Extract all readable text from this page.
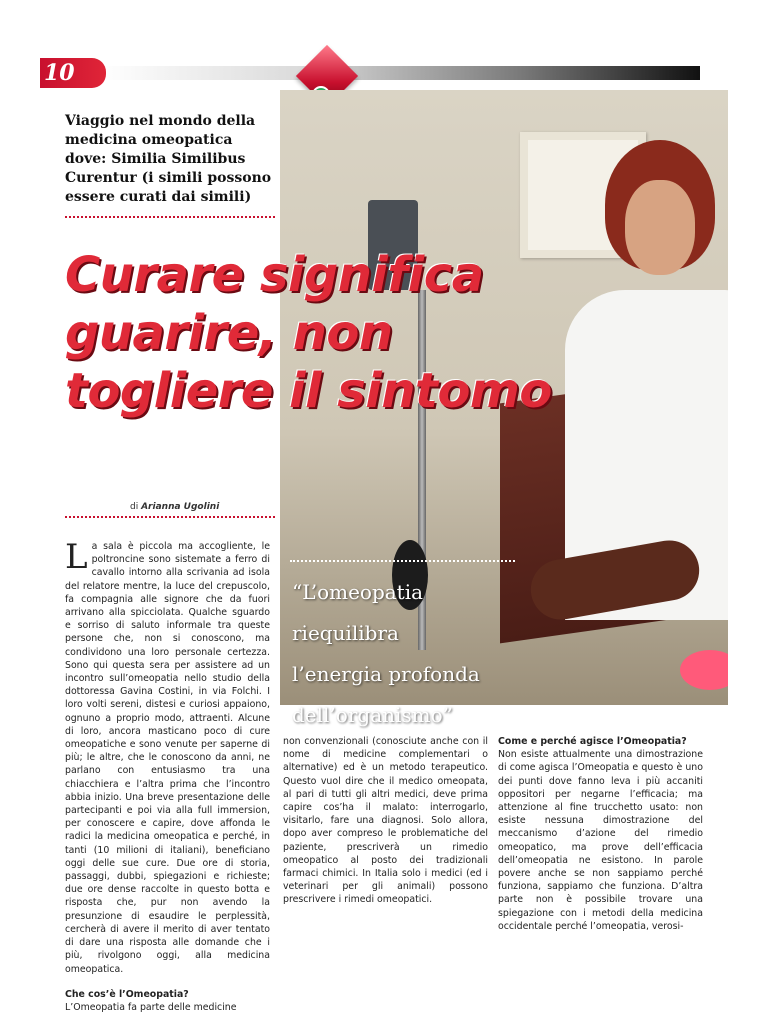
10
Viaggio nel mondo della medicina omeopatica dove: Similia Similibus Curentur (i simili possono essere curati dai simili)
Curare significa
guarire, non
togliere il sintomo
di Arianna Ugolini
“L’omeopatia
riequilibra
l’energia profonda
dell’organismo”

La sala è piccola ma accogliente, le poltroncine sono sistemate a ferro di cavallo intorno alla scrivania ad isola del relatore mentre, la luce del crepuscolo, fa compagnia alle signore che da fuori arrivano alla spicciolata. Qualche sguardo e sorriso di saluto informale tra queste persone che, non si conoscono, ma condividono una loro personale certezza. Sono qui questa sera per assistere ad un incontro sull’omeopatia nello studio della dottoressa Gavina Costini, in via Folchi. I loro volti sereni, distesi e curiosi appaiono, ognuno a proprio modo, attraenti. Alcune di loro, ancora masticano poco di cure omeopatiche e sono venute per saperne di più; le altre, che le conoscono da anni, ne parlano con entusiasmo tra una chiacchiera e l’altra prima che l’incontro abbia inizio. Una breve presentazione delle partecipanti e poi via alla full immersion, per conoscere e capire, dove affonda le radici la medicina omeopatica e perché, in tanti (10 milioni di italiani), beneficiano oggi delle sue cure. Due ore di storia, passaggi, dubbi, spiegazioni e richieste; due ore dense raccolte in questo botta e risposta che, pur non avendo la presunzione di esaudire le perplessità, cercherà di avere il merito di aver tentato di dare una risposta alle domande che i più, rivolgono oggi, alla medicina omeopatica.

Che cos’è l’Omeopatia?

L’Omeopatia fa parte delle medicine

non convenzionali (conosciute anche con il nome di medicine complementari o alternative) ed è un metodo terapeutico. Questo vuol dire che il medico omeopata, al pari di tutti gli altri medici, deve prima capire cos’ha il malato: interrogarlo, visitarlo, fare una diagnosi. Solo allora, dopo aver compreso le problematiche del paziente, prescriverà un rimedio omeopatico al posto dei tradizionali farmaci chimici. In Italia solo i medici (ed i veterinari per gli animali) possono prescrivere i rimedi omeopatici.

Come e perché agisce l’Omeopatia?

Non esiste attualmente una dimostrazione di come agisca l’Omeopatia e questo è uno dei punti dove fanno leva i più accaniti oppositori per negarne l’efficacia; ma attenzione al fine trucchetto usato: non esiste nessuna dimostrazione del meccanismo d’azione del rimedio omeopatico, ma prove dell’efficacia dell’omeopatia ne esistono. In parole povere anche se non sappiamo perché funziona, sappiamo che funziona. D’altra parte non è possibile trovare una spiegazione con i metodi della medicina occidentale perché l’omeopatia, verosi-
